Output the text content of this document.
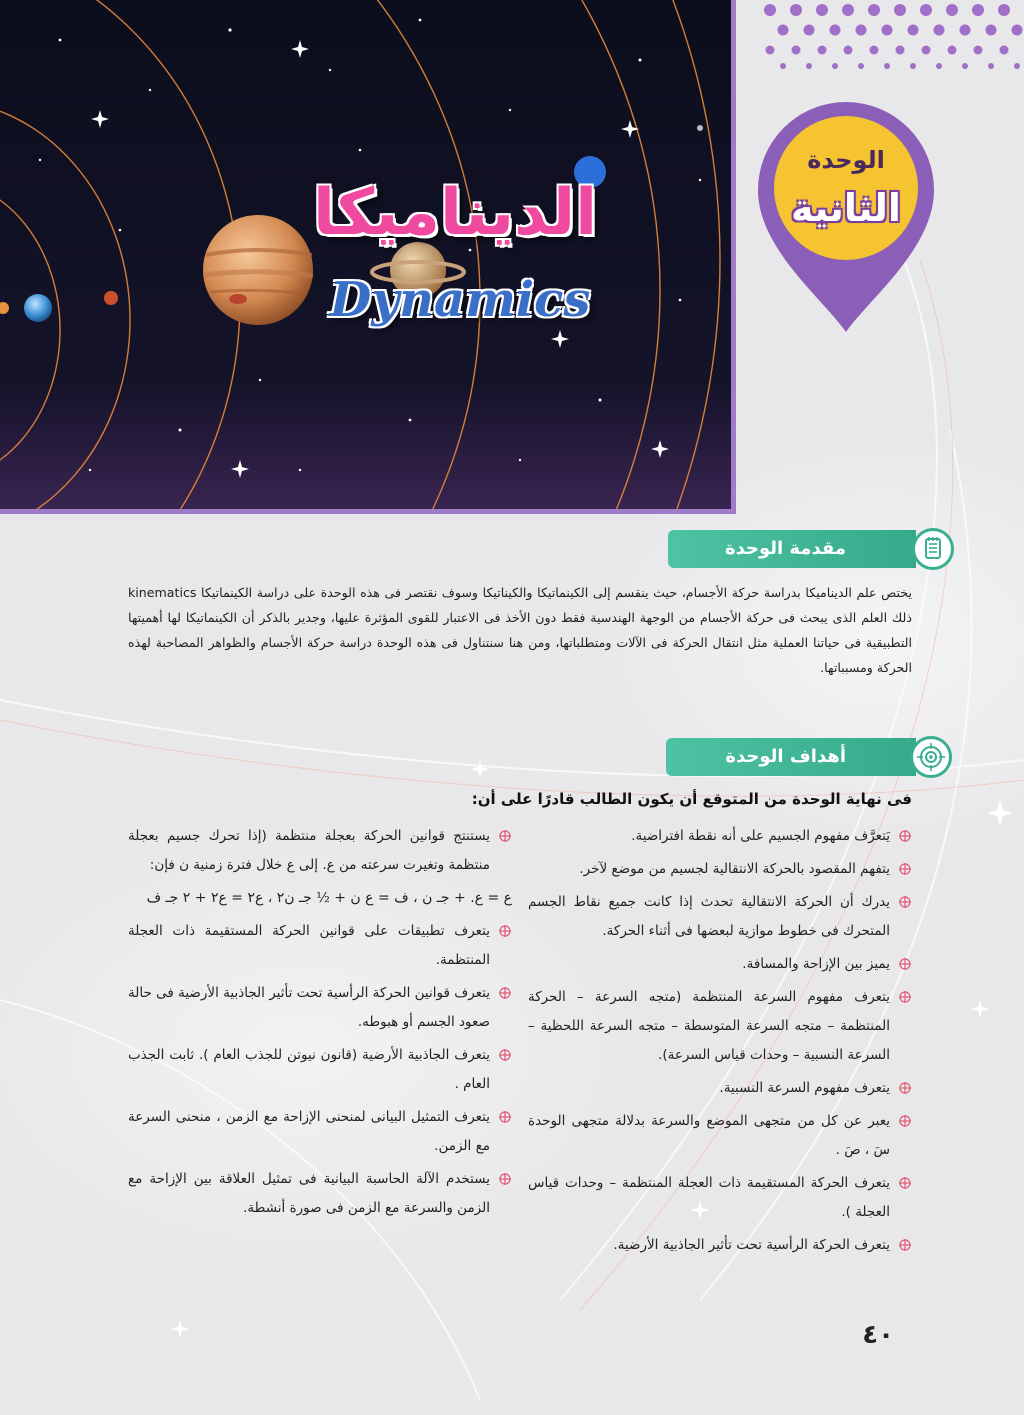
الديناميكا
Dynamics
الوحدة
الثانية
مقدمة الوحدة
يختص علم الديناميكا بدراسة حركة الأجسام، حيث ينقسم إلى الكينماتيكا والكيناتيكا وسوف نقتصر فى هذه الوحدة على دراسة الكينماتيكا kinematics ذلك العلم الذى يبحث فى حركة الأجسام من الوجهة الهندسية فقط دون الأخذ فى الاعتبار للقوى المؤثرة عليها، وجدير بالذكر أن الكينماتيكا لها أهميتها التطبيقية فى حياتنا العملية مثل انتقال الحركة فى الآلات ومتطلباتها، ومن هنا سنتناول فى هذه الوحدة دراسة حركة الأجسام والظواهر المصاحبة لهذه الحركة ومسبباتها.
أهداف الوحدة
فى نهاية الوحدة من المتوقع أن يكون الطالب قادرًا على أن:
يَتعرَّف مفهوم الجسيم على أنه نقطة افتراضية.
يتفهم المقصود بالحركة الانتقالية لجسيم من موضع لآخر.
يدرك أن الحركة الانتقالية تحدث إذا كانت جميع نقاط الجسم المتحرك فى خطوط موازية لبعضها فى أثناء الحركة.
يميز بين الإزاحة والمسافة.
يتعرف مفهوم السرعة المنتظمة (متجه السرعة – الحركة المنتظمة – متجه السرعة المتوسطة – متجه السرعة اللحظية – السرعة النسبية – وحدات قياس السرعة).
يتعرف مفهوم السرعة النسبية.
يعبر عن كل من متجهى الموضع والسرعة بدلالة متجهى الوحدة سَ ، صَ .
يتعرف الحركة المستقيمة ذات العجلة المنتظمة – وحدات قياس العجلة ).
يتعرف الحركة الرأسية تحت تأثير الجاذبية الأرضية.
يستنتج قوانين الحركة بعجلة منتظمة (إذا تحرك جسيم بعجلة منتظمة وتغيرت سرعته من ع. إلى ع خلال فترة زمنية ن فإن:
ع = ع. + جـ ن ، ف = ع ن + ½ جـ ن٢ ، ع٢ = ع٢ + ٢ جـ ف
يتعرف تطبيقات على قوانين الحركة المستقيمة ذات العجلة المنتظمة.
يتعرف قوانين الحركة الرأسية تحت تأثير الجاذبية الأرضية فى حالة صعود الجسم أو هبوطه.
يتعرف الجاذبية الأرضية (قانون نيوتن للجذب العام ). ثابت الجذب العام .
يتعرف التمثيل البيانى لمنحنى الإزاحة مع الزمن ، منحنى السرعة مع الزمن.
يستخدم الآلة الحاسبة البيانية فى تمثيل العلاقة بين الإزاحة مع الزمن والسرعة مع الزمن فى صورة أنشطة.
٤٠
